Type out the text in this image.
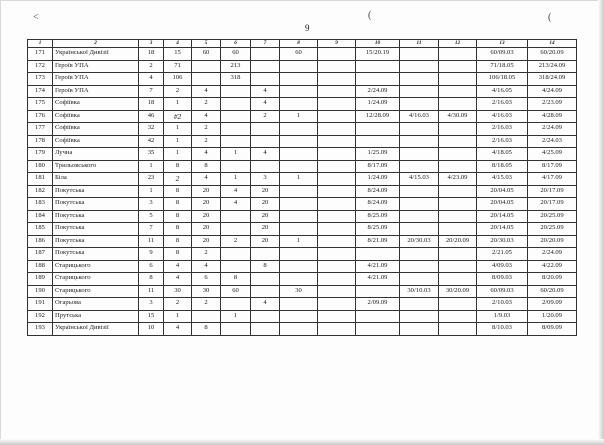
˂	(	(
9
1	2	3	4	5	6	7	8	9	10	11	12	13	14
171	Української Дивізії	18	15	60	60		60		15/20.19			60/09.03	60/20.09
172	Героїв УПА	2	71		213							71/18.05	213/24.09
173	Героїв УПА	4	106		318							106/18.05	318/24.09
174	Героїв УПА	7	2	4		4			2/24.09			4/16.05	4/24.09
175	Софіївка	18	1	2		4			1/24.09			2/16.03	2/23.09
176	Софіївка	46	#2	4		2	1		12/28.09	4/16.03	4/30.09	4/16.03	4/28.09
177	Софіївка	32	1	2								2/16.03	2/24.09
178	Софіївка	42	1	2								2/16.03	2/24.03
179	Лучна	35	1	4	1	4			1/25.09			4/18.05	4/25.09
180	Трильовського	1	8	8					8/17.09			8/18.05	8/17.09
181	Біла	23	2	4	1	3	1		1/24.09	4/15.03	4/23.09	4/15.03	4/17.09
182	Покутська	1	8	20	4	20			8/24.09			20/04.05	20/17.09
183	Покутська	3	8	20	4	20			8/24.09			20/04.05	20/17.09
184	Покутська	5	8	20		20			8/25.09			20/14.05	20/25.09
185	Покутська	7	8	20		20			8/25.09			20/14.05	20/25.09
186	Покутська	11	8	20	2	20	1		8/21.09	20/30.03	20/20.09	20/30.03	20/20.09
187	Покутська	9	8	2								2/21.05	2/24.09
188	Старицького	6	4	4		8			4/21.09			4/09.03	4/22.09
189	Старицького	8	4	6	8				4/21.09			8/09.03	8/20.09
190	Старицького	11	30	30	60		30			30/10.03	30/20.09	60/09.03	60/20.09
191	Огарьова	3	2	2		4			2/09.09			2/10.03	2/09.09
192	Прутська	15	1		1							1/9.03	1/20.09
193	Української Дивізії	10	4	8								8/10.03	8/09.09
